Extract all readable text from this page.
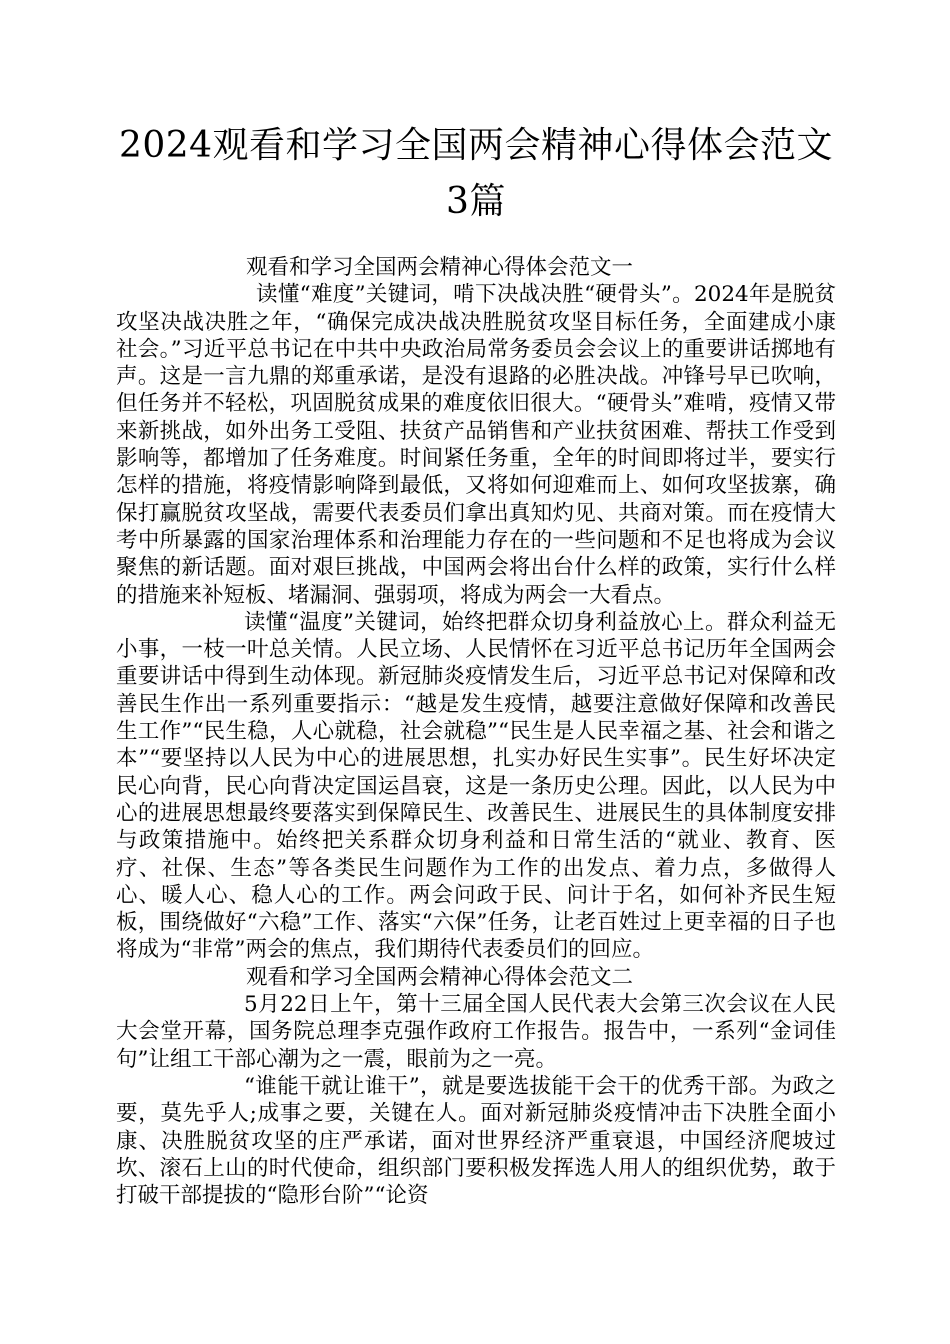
2024观看和学习全国两会精神心得体会范文3篇

观看和学习全国两会精神心得体会范文一

读懂“难度”关键词，啃下决战决胜“硬骨头”。2024年是脱贫攻坚决战决胜之年，“确保完成决战决胜脱贫攻坚目标任务，全面建成小康社会。”习近平总书记在中共中央政治局常务委员会会议上的重要讲话掷地有声。这是一言九鼎的郑重承诺，是没有退路的必胜决战。冲锋号早已吹响，但任务并不轻松，巩固脱贫成果的难度依旧很大。“硬骨头”难啃，疫情又带来新挑战，如外出务工受阻、扶贫产品销售和产业扶贫困难、帮扶工作受到影响等，都增加了任务难度。时间紧任务重，全年的时间即将过半，要实行怎样的措施，将疫情影响降到最低，又将如何迎难而上、如何攻坚拔寨，确保打赢脱贫攻坚战，需要代表委员们拿出真知灼见、共商对策。而在疫情大考中所暴露的国家治理体系和治理能力存在的一些问题和不足也将成为会议聚焦的新话题。面对艰巨挑战，中国两会将出台什么样的政策，实行什么样的措施来补短板、堵漏洞、强弱项，将成为两会一大看点。

读懂“温度”关键词，始终把群众切身利益放心上。群众利益无小事，一枝一叶总关情。人民立场、人民情怀在习近平总书记历年全国两会重要讲话中得到生动体现。新冠肺炎疫情发生后，习近平总书记对保障和改善民生作出一系列重要指示：“越是发生疫情，越要注意做好保障和改善民生工作”“民生稳，人心就稳，社会就稳”“民生是人民幸福之基、社会和谐之本”“要坚持以人民为中心的进展思想，扎实办好民生实事”。民生好坏决定民心向背，民心向背决定国运昌衰，这是一条历史公理。因此，以人民为中心的进展思想最终要落实到保障民生、改善民生、进展民生的具体制度安排与政策措施中。始终把关系群众切身利益和日常生活的“就业、教育、医疗、社保、生态”等各类民生问题作为工作的出发点、着力点，多做得人心、暖人心、稳人心的工作。两会问政于民、问计于名，如何补齐民生短板，围绕做好“六稳”工作、落实“六保”任务，让老百姓过上更幸福的日子也将成为“非常”两会的焦点，我们期待代表委员们的回应。

观看和学习全国两会精神心得体会范文二

5月22日上午，第十三届全国人民代表大会第三次会议在人民大会堂开幕，国务院总理李克强作政府工作报告。报告中，一系列“金词佳句”让组工干部心潮为之一震，眼前为之一亮。

“谁能干就让谁干”，就是要选拔能干会干的优秀干部。为政之要，莫先乎人;成事之要，关键在人。面对新冠肺炎疫情冲击下决胜全面小康、决胜脱贫攻坚的庄严承诺，面对世界经济严重衰退，中国经济爬坡过坎、滚石上山的时代使命，组织部门要积极发挥选人用人的组织优势，敢于打破干部提拔的“隐形台阶”“论资
